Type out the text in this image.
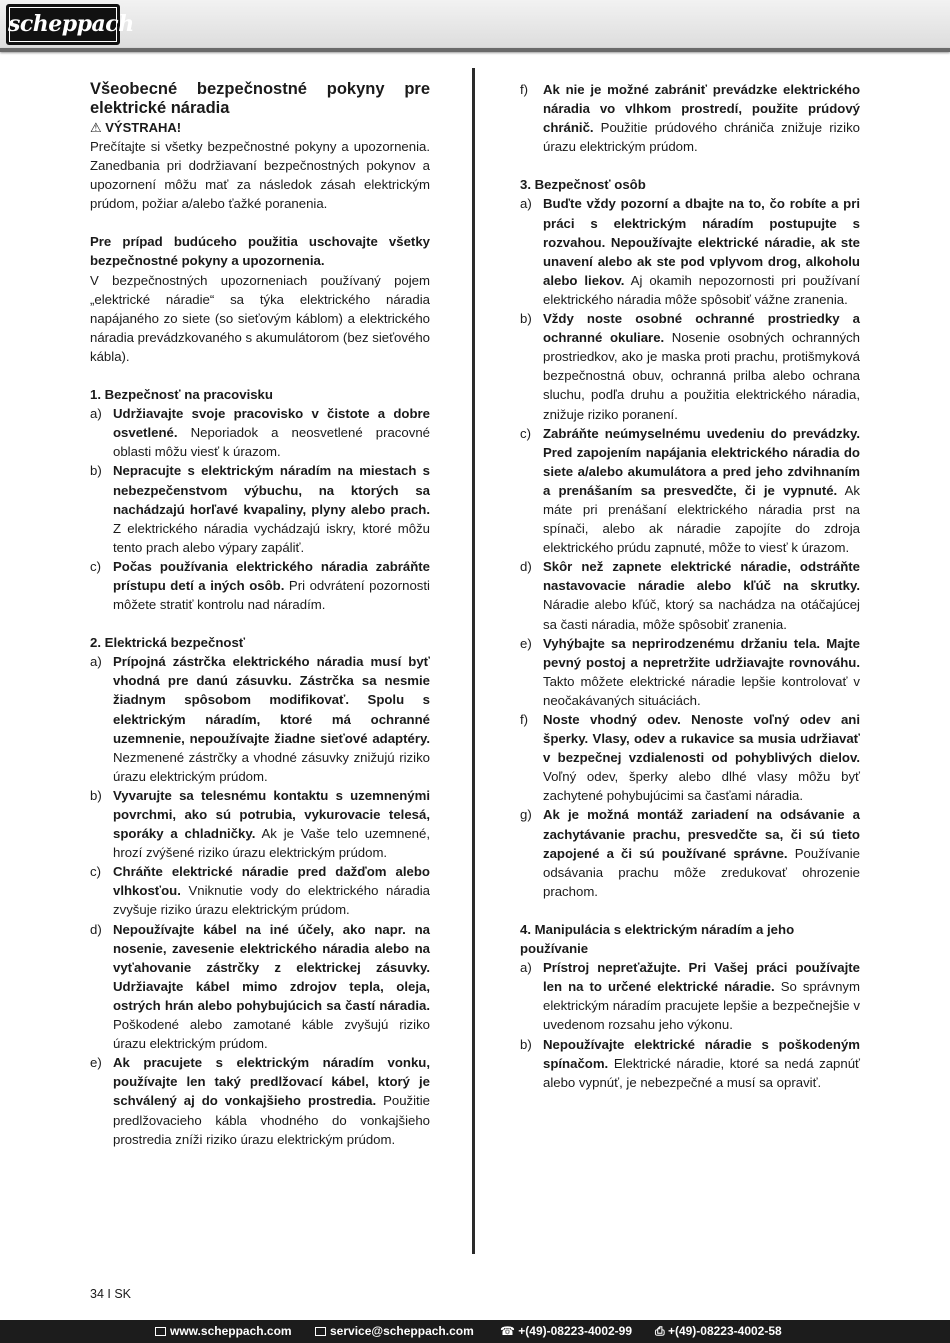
scheppach
Všeobecné bezpečnostné pokyny pre
elektrické náradia
⚠ VÝSTRAHA!

Prečítajte si všetky bezpečnostné pokyny a upozornenia. Zanedbania pri dodržiavaní bezpečnostných pokynov a upozornení môžu mať za následok zásah elektrickým prúdom, požiar a/alebo ťažké poranenia.

Pre prípad budúceho použitia uschovajte všetky bezpečnostné pokyny a upozornenia.

V bezpečnostných upozorneniach používaný pojem „elektrické náradie“ sa týka elektrického náradia napájaného zo siete (so sieťovým káblom) a elektrického náradia prevádzkovaného s akumulátorom (bez sieťového kábla).

1. Bezpečnosť na pracovisku

a) Udržiavajte svoje pracovisko v čistote a dobre osvetlené. Neporiadok a neosvetlené pracovné oblasti môžu viesť k úrazom.
b) Nepracujte s elektrickým náradím na miestach s nebezpečenstvom výbuchu, na ktorých sa nachádzajú horľavé kvapaliny, plyny alebo prach. Z elektrického náradia vychádzajú iskry, ktoré môžu tento prach alebo výpary zapáliť.
c) Počas používania elektrického náradia zabráňte prístupu detí a iných osôb. Pri odvrátení pozornosti môžete stratiť kontrolu nad náradím.

2. Elektrická bezpečnosť

a) Prípojná zástrčka elektrického náradia musí byť vhodná pre danú zásuvku. Zástrčka sa nesmie žiadnym spôsobom modifikovať. Spolu s elektrickým náradím, ktoré má ochranné uzemnenie, nepoužívajte žiadne sieťové adaptéry. Nezmenené zástrčky a vhodné zásuvky znižujú riziko úrazu elektrickým prúdom.
b) Vyvarujte sa telesnému kontaktu s uzemnenými povrchmi, ako sú potrubia, vykurovacie telesá, sporáky a chladničky. Ak je Vaše telo uzemnené, hrozí zvýšené riziko úrazu elektrickým prúdom.
c) Chráňte elektrické náradie pred dažďom alebo vlhkosťou. Vniknutie vody do elektrického náradia zvyšuje riziko úrazu elektrickým prúdom.
d) Nepoužívajte kábel na iné účely, ako napr. na nosenie, zavesenie elektrického náradia alebo na vyťahovanie zástrčky z elektrickej zásuvky. Udržiavajte kábel mimo zdrojov tepla, oleja, ostrých hrán alebo pohybujúcich sa častí náradia. Poškodené alebo zamotané káble zvyšujú riziko úrazu elektrickým prúdom.
e) Ak pracujete s elektrickým náradím vonku, používajte len taký predlžovací kábel, ktorý je schválený aj do vonkajšieho prostredia. Použitie predlžovacieho kábla vhodného do vonkajšieho prostredia zníži riziko úrazu elektrickým prúdom.
f) Ak nie je možné zabrániť prevádzke elektrického náradia vo vlhkom prostredí, použite prúdový chránič. Použitie prúdového chrániča znižuje riziko úrazu elektrickým prúdom.

3. Bezpečnosť osôb

a) Buďte vždy pozorní a dbajte na to, čo robíte a pri práci s elektrickým náradím postupujte s rozvahou. Nepoužívajte elektrické náradie, ak ste unavení alebo ak ste pod vplyvom drog, alkoholu alebo liekov. Aj okamih nepozornosti pri používaní elektrického náradia môže spôsobiť vážne zranenia.
b) Vždy noste osobné ochranné prostriedky a ochranné okuliare. Nosenie osobných ochranných prostriedkov, ako je maska proti prachu, protišmyková bezpečnostná obuv, ochranná prilba alebo ochrana sluchu, podľa druhu a použitia elektrického náradia, znižuje riziko poranení.
c) Zabráňte neúmyselnému uvedeniu do prevádzky. Pred zapojením napájania elektrického náradia do siete a/alebo akumulátora a pred jeho zdvihnaním a prenášaním sa presvedčte, či je vypnuté. Ak máte pri prenášaní elektrického náradia prst na spínači, alebo ak náradie zapojíte do zdroja elektrického prúdu zapnuté, môže to viesť k úrazom.
d) Skôr než zapnete elektrické náradie, odstráňte nastavovacie náradie alebo kľúč na skrutky. Náradie alebo kľúč, ktorý sa nachádza na otáčajúcej sa časti náradia, môže spôsobiť zranenia.
e) Vyhýbajte sa neprirodzenému držaniu tela. Majte pevný postoj a nepretržite udržiavajte rovnováhu. Takto môžete elektrické náradie lepšie kontrolovať v neočakávaných situáciách.
f) Noste vhodný odev. Nenoste voľný odev ani šperky. Vlasy, odev a rukavice sa musia udržiavať v bezpečnej vzdialenosti od pohyblivých dielov. Voľný odev, šperky alebo dlhé vlasy môžu byť zachytené pohybujúcimi sa časťami náradia.
g) Ak je možná montáž zariadení na odsávanie a zachytávanie prachu, presvedčte sa, či sú tieto zapojené a či sú používané správne. Používanie odsávania prachu môže zredukovať ohrozenie prachom.

4. Manipulácia s elektrickým náradím a jeho používanie

a) Prístroj nepreťažujte. Pri Vašej práci používajte len na to určené elektrické náradie. So správnym elektrickým náradím pracujete lepšie a bezpečnejšie v uvedenom rozsahu jeho výkonu.
b) Nepoužívajte elektrické náradie s poškodeným spínačom. Elektrické náradie, ktoré sa nedá zapnúť alebo vypnúť, je nebezpečné a musí sa opraviť.
34 I SK
www.scheppach.com	service@scheppach.com ☎ +(49)-08223-4002-99 ⎙ +(49)-08223-4002-58
